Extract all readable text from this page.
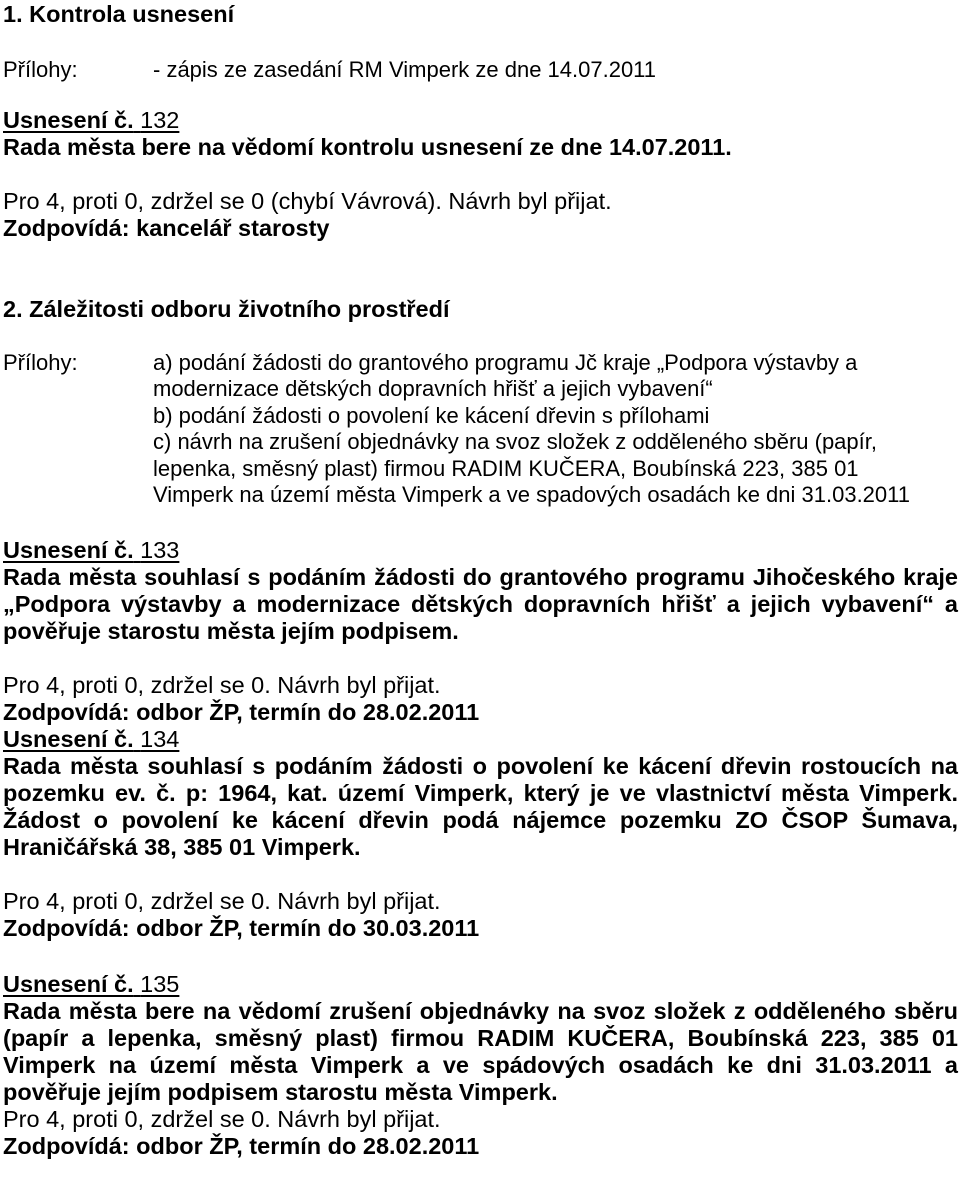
1. Kontrola usnesení

Přílohy:	- zápis ze zasedání RM Vimperk ze dne 14.07.2011

Usnesení č. 132

Rada města bere na vědomí kontrolu usnesení ze dne 14.07.2011.

Pro 4, proti 0, zdržel se 0 (chybí Vávrová). Návrh byl přijat.

Zodpovídá: kancelář starosty

2. Záležitosti odboru životního prostředí

Přílohy:	a) podání žádosti do grantového programu Jč kraje „Podpora výstavby a

modernizace dětských dopravních hřišť a jejich vybavení“

b) podání žádosti o povolení ke kácení dřevin s přílohami

c) návrh na zrušení objednávky na svoz složek z odděleného sběru (papír,

lepenka, směsný plast) firmou RADIM KUČERA, Boubínská 223, 385 01

Vimperk na území města Vimperk a ve spadových osadách ke dni 31.03.2011

Usnesení č. 133

Rada města souhlasí s podáním žádosti do grantového programu Jihočeského kraje

„Podpora výstavby a modernizace dětských dopravních hřišť a jejich vybavení“ a

pověřuje starostu města jejím podpisem.

Pro 4, proti 0, zdržel se 0. Návrh byl přijat.

Zodpovídá: odbor ŽP, termín do 28.02.2011

Usnesení č. 134

Rada města souhlasí s podáním žádosti o povolení ke kácení dřevin rostoucích na

pozemku ev. č. p: 1964, kat. území Vimperk, který je ve vlastnictví města Vimperk.

Žádost o povolení ke kácení dřevin podá nájemce pozemku ZO ČSOP Šumava,

Hraničářská 38, 385 01 Vimperk.

Pro 4, proti 0, zdržel se 0. Návrh byl přijat.

Zodpovídá: odbor ŽP, termín do 30.03.2011

Usnesení č. 135

Rada města bere na vědomí zrušení objednávky na svoz složek z odděleného sběru

(papír a lepenka, směsný plast) firmou RADIM KUČERA, Boubínská 223, 385 01

Vimperk na území města Vimperk a ve spádových osadách ke dni 31.03.2011 a

pověřuje jejím podpisem starostu města Vimperk.

Pro 4, proti 0, zdržel se 0. Návrh byl přijat.

Zodpovídá: odbor ŽP, termín do 28.02.2011
